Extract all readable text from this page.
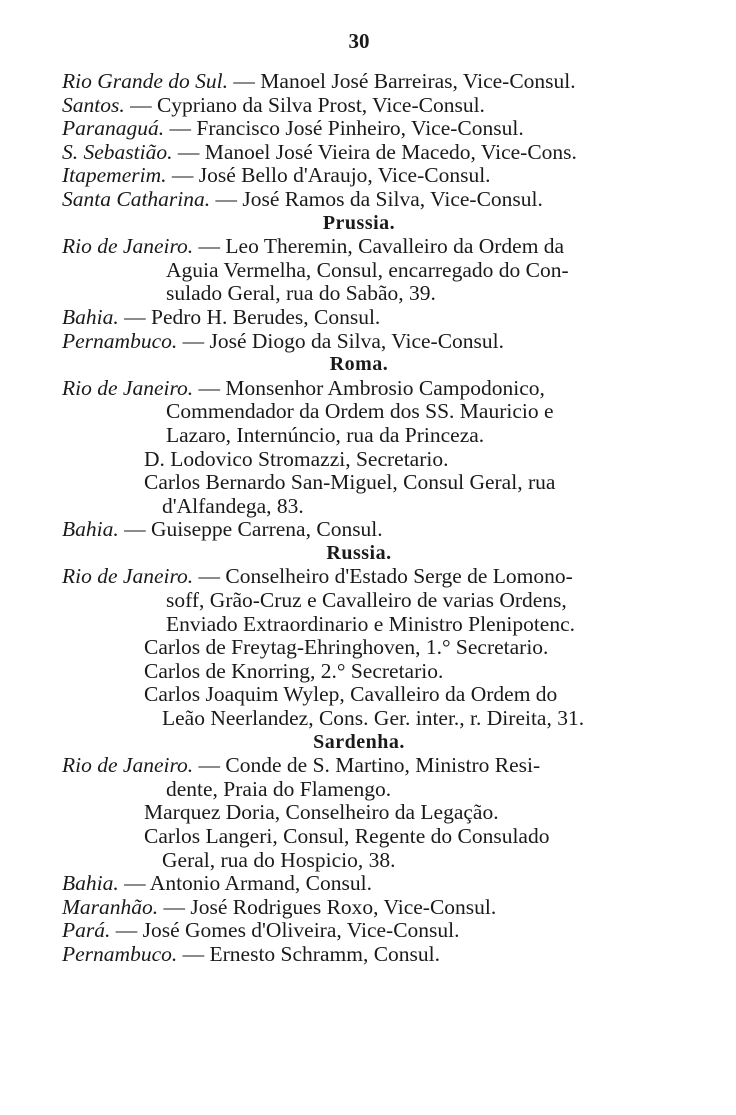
30
Rio Grande do Sul. — Manoel José Barreiras, Vice-Consul.
Santos. — Cypriano da Silva Prost, Vice-Consul.
Paranaguá. — Francisco José Pinheiro, Vice-Consul.
S. Sebastião. — Manoel José Vieira de Macedo, Vice-Cons.
Itapemerim. — José Bello d'Araujo, Vice-Consul.
Santa Catharina. — José Ramos da Silva, Vice-Consul.
Prussia.
Rio de Janeiro. — Leo Theremin, Cavalleiro da Ordem da
Aguia Vermelha, Consul, encarregado do Con-
sulado Geral, rua do Sabão, 39.
Bahia. — Pedro H. Berudes, Consul.
Pernambuco. — José Diogo da Silva, Vice-Consul.
Roma.
Rio de Janeiro. — Monsenhor Ambrosio Campodonico,
Commendador da Ordem dos SS. Mauricio e
Lazaro, Internúncio, rua da Princeza.
D. Lodovico Stromazzi, Secretario.
Carlos Bernardo San-Miguel, Consul Geral, rua
d'Alfandega, 83.
Bahia. — Guiseppe Carrena, Consul.
Russia.
Rio de Janeiro. — Conselheiro d'Estado Serge de Lomono-
soff, Grão-Cruz e Cavalleiro de varias Ordens,
Enviado Extraordinario e Ministro Plenipotenc.
Carlos de Freytag-Ehringhoven, 1.° Secretario.
Carlos de Knorring, 2.° Secretario.
Carlos Joaquim Wylep, Cavalleiro da Ordem do
Leão Neerlandez, Cons. Ger. inter., r. Direita, 31.
Sardenha.
Rio de Janeiro. — Conde de S. Martino, Ministro Resi-
dente, Praia do Flamengo.
Marquez Doria, Conselheiro da Legação.
Carlos Langeri, Consul, Regente do Consulado
Geral, rua do Hospicio, 38.
Bahia. — Antonio Armand, Consul.
Maranhão. — José Rodrigues Roxo, Vice-Consul.
Pará. — José Gomes d'Oliveira, Vice-Consul.
Pernambuco. — Ernesto Schramm, Consul.
